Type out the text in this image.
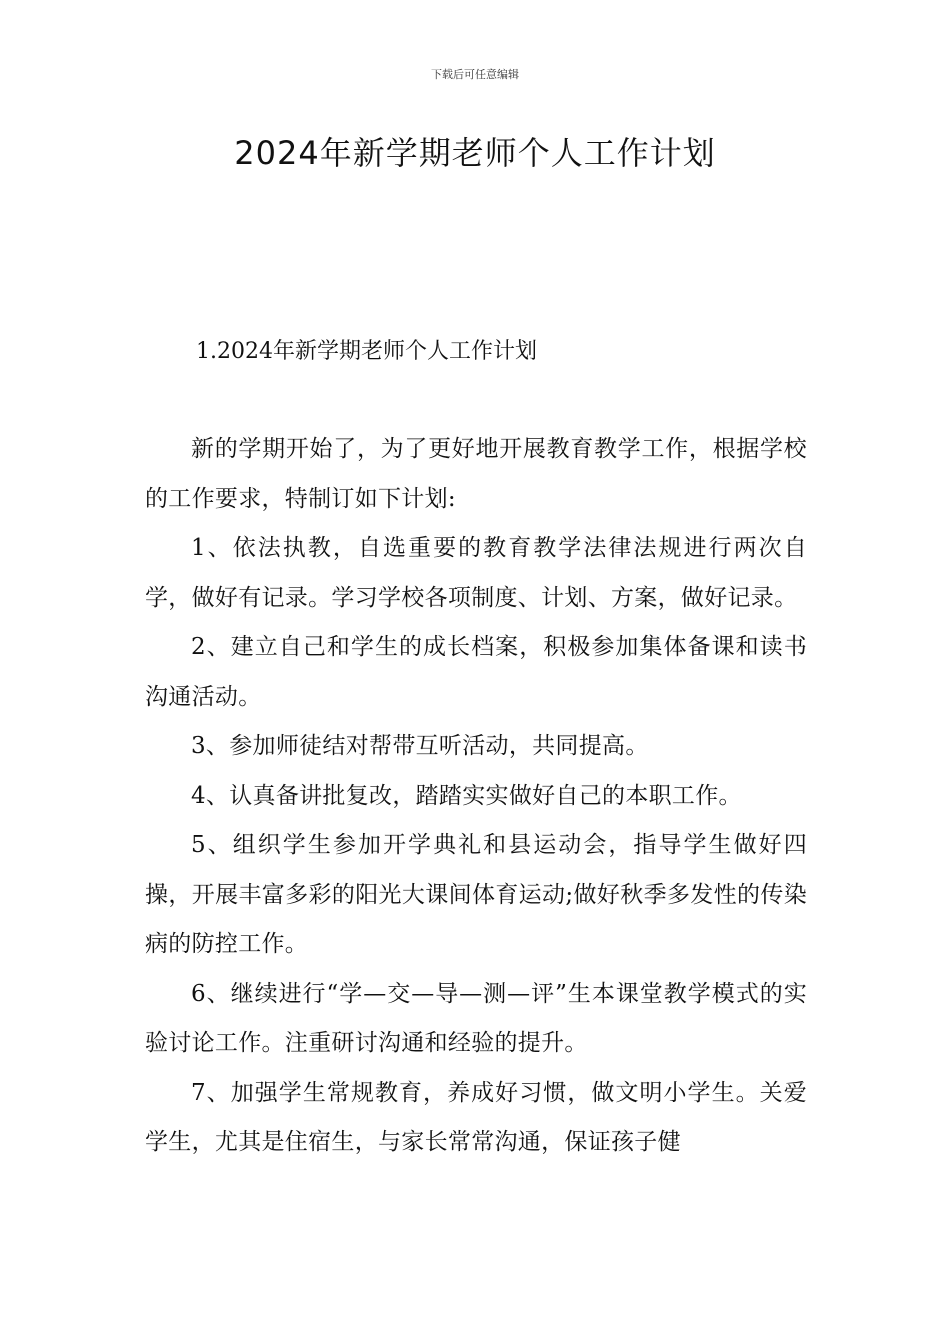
下载后可任意编辑
2024年新学期老师个人工作计划
1.2024年新学期老师个人工作计划

新的学期开始了，为了更好地开展教育教学工作，根据学校的工作要求，特制订如下计划:

1、依法执教，自选重要的教育教学法律法规进行两次自学，做好有记录。学习学校各项制度、计划、方案，做好记录。

2、建立自己和学生的成长档案，积极参加集体备课和读书沟通活动。

3、参加师徒结对帮带互听活动，共同提高。

4、认真备讲批复改，踏踏实实做好自己的本职工作。

5、组织学生参加开学典礼和县运动会，指导学生做好四操，开展丰富多彩的阳光大课间体育运动;做好秋季多发性的传染病的防控工作。

6、继续进行“学—交—导—测—评”生本课堂教学模式的实验讨论工作。注重研讨沟通和经验的提升。

7、加强学生常规教育，养成好习惯，做文明小学生。关爱学生，尤其是住宿生，与家长常常沟通，保证孩子健
